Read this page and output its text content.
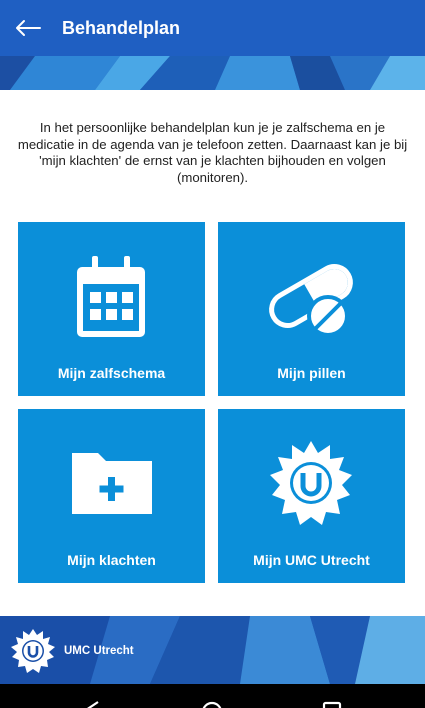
Behandelplan

In het persoonlijke behandelplan kun je je zalfschema en je medicatie in de agenda van je telefoon zetten. Daarnaast kan je bij 'mijn klachten' de ernst van je klachten bijhouden en volgen (monitoren).

Mijn zalfschema	Mijn pillen
Mijn klachten	Mijn UMC Utrecht
UMC Utrecht
